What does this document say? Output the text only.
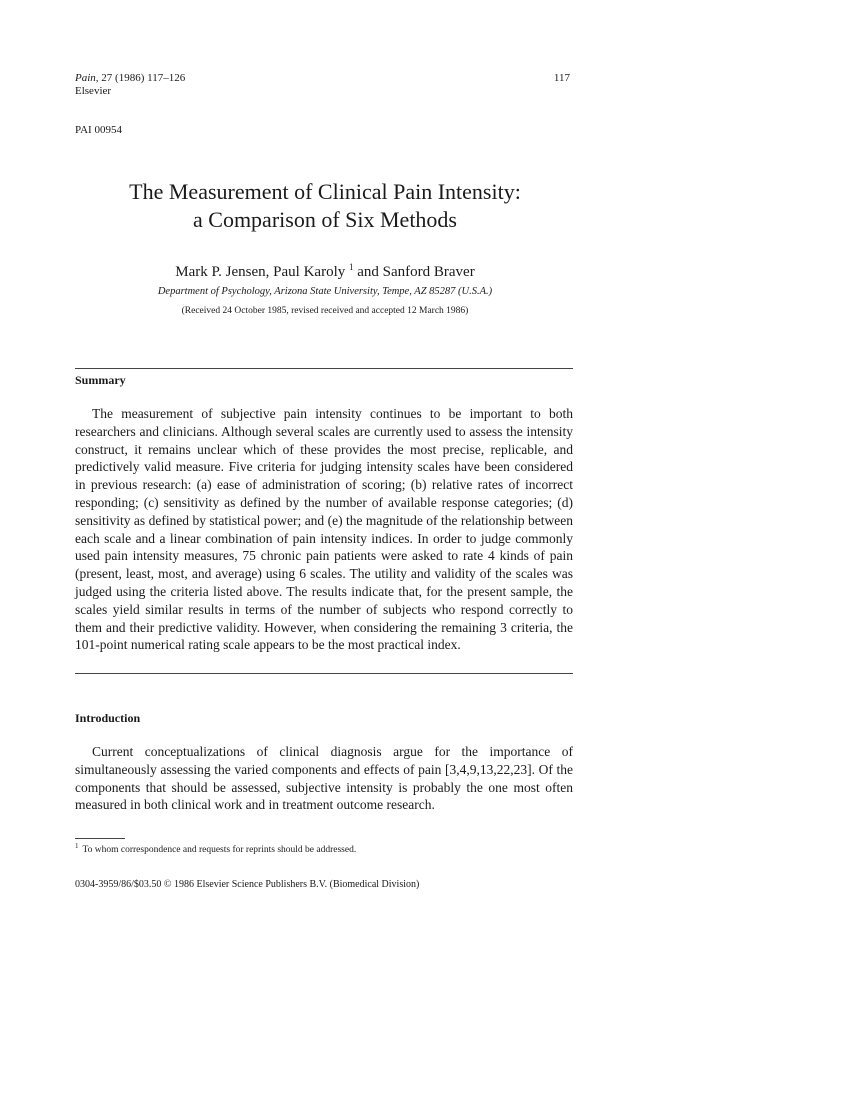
Pain, 27 (1986) 117–126
Elsevier
117
PAI 00954
The Measurement of Clinical Pain Intensity:
a Comparison of Six Methods
Mark P. Jensen, Paul Karoly $^1$ and Sanford Braver
Department of Psychology, Arizona State University, Tempe, AZ 85287 (U.S.A.)
(Received 24 October 1985, revised received and accepted 12 March 1986)
Summary
The measurement of subjective pain intensity continues to be important to both researchers and clinicians. Although several scales are currently used to assess the intensity construct, it remains unclear which of these provides the most precise, replicable, and predictively valid measure. Five criteria for judging intensity scales have been considered in previous research: (a) ease of administration of scoring; (b) relative rates of incorrect responding; (c) sensitivity as defined by the number of available response categories; (d) sensitivity as defined by statistical power; and (e) the magnitude of the relationship between each scale and a linear combination of pain intensity indices. In order to judge commonly used pain intensity measures, 75 chronic pain patients were asked to rate 4 kinds of pain (present, least, most, and average) using 6 scales. The utility and validity of the scales was judged using the criteria listed above. The results indicate that, for the present sample, the scales yield similar results in terms of the number of subjects who respond correctly to them and their predictive validity. However, when considering the remaining 3 criteria, the 101-point numerical rating scale appears to be the most practical index.
Introduction
Current conceptualizations of clinical diagnosis argue for the importance of simultaneously assessing the varied components and effects of pain [3,4,9,13,22,23]. Of the components that should be assessed, subjective intensity is probably the one most often measured in both clinical work and in treatment outcome research.
$^1$ To whom correspondence and requests for reprints should be addressed.
0304-3959/86/$03.50 © 1986 Elsevier Science Publishers B.V. (Biomedical Division)
